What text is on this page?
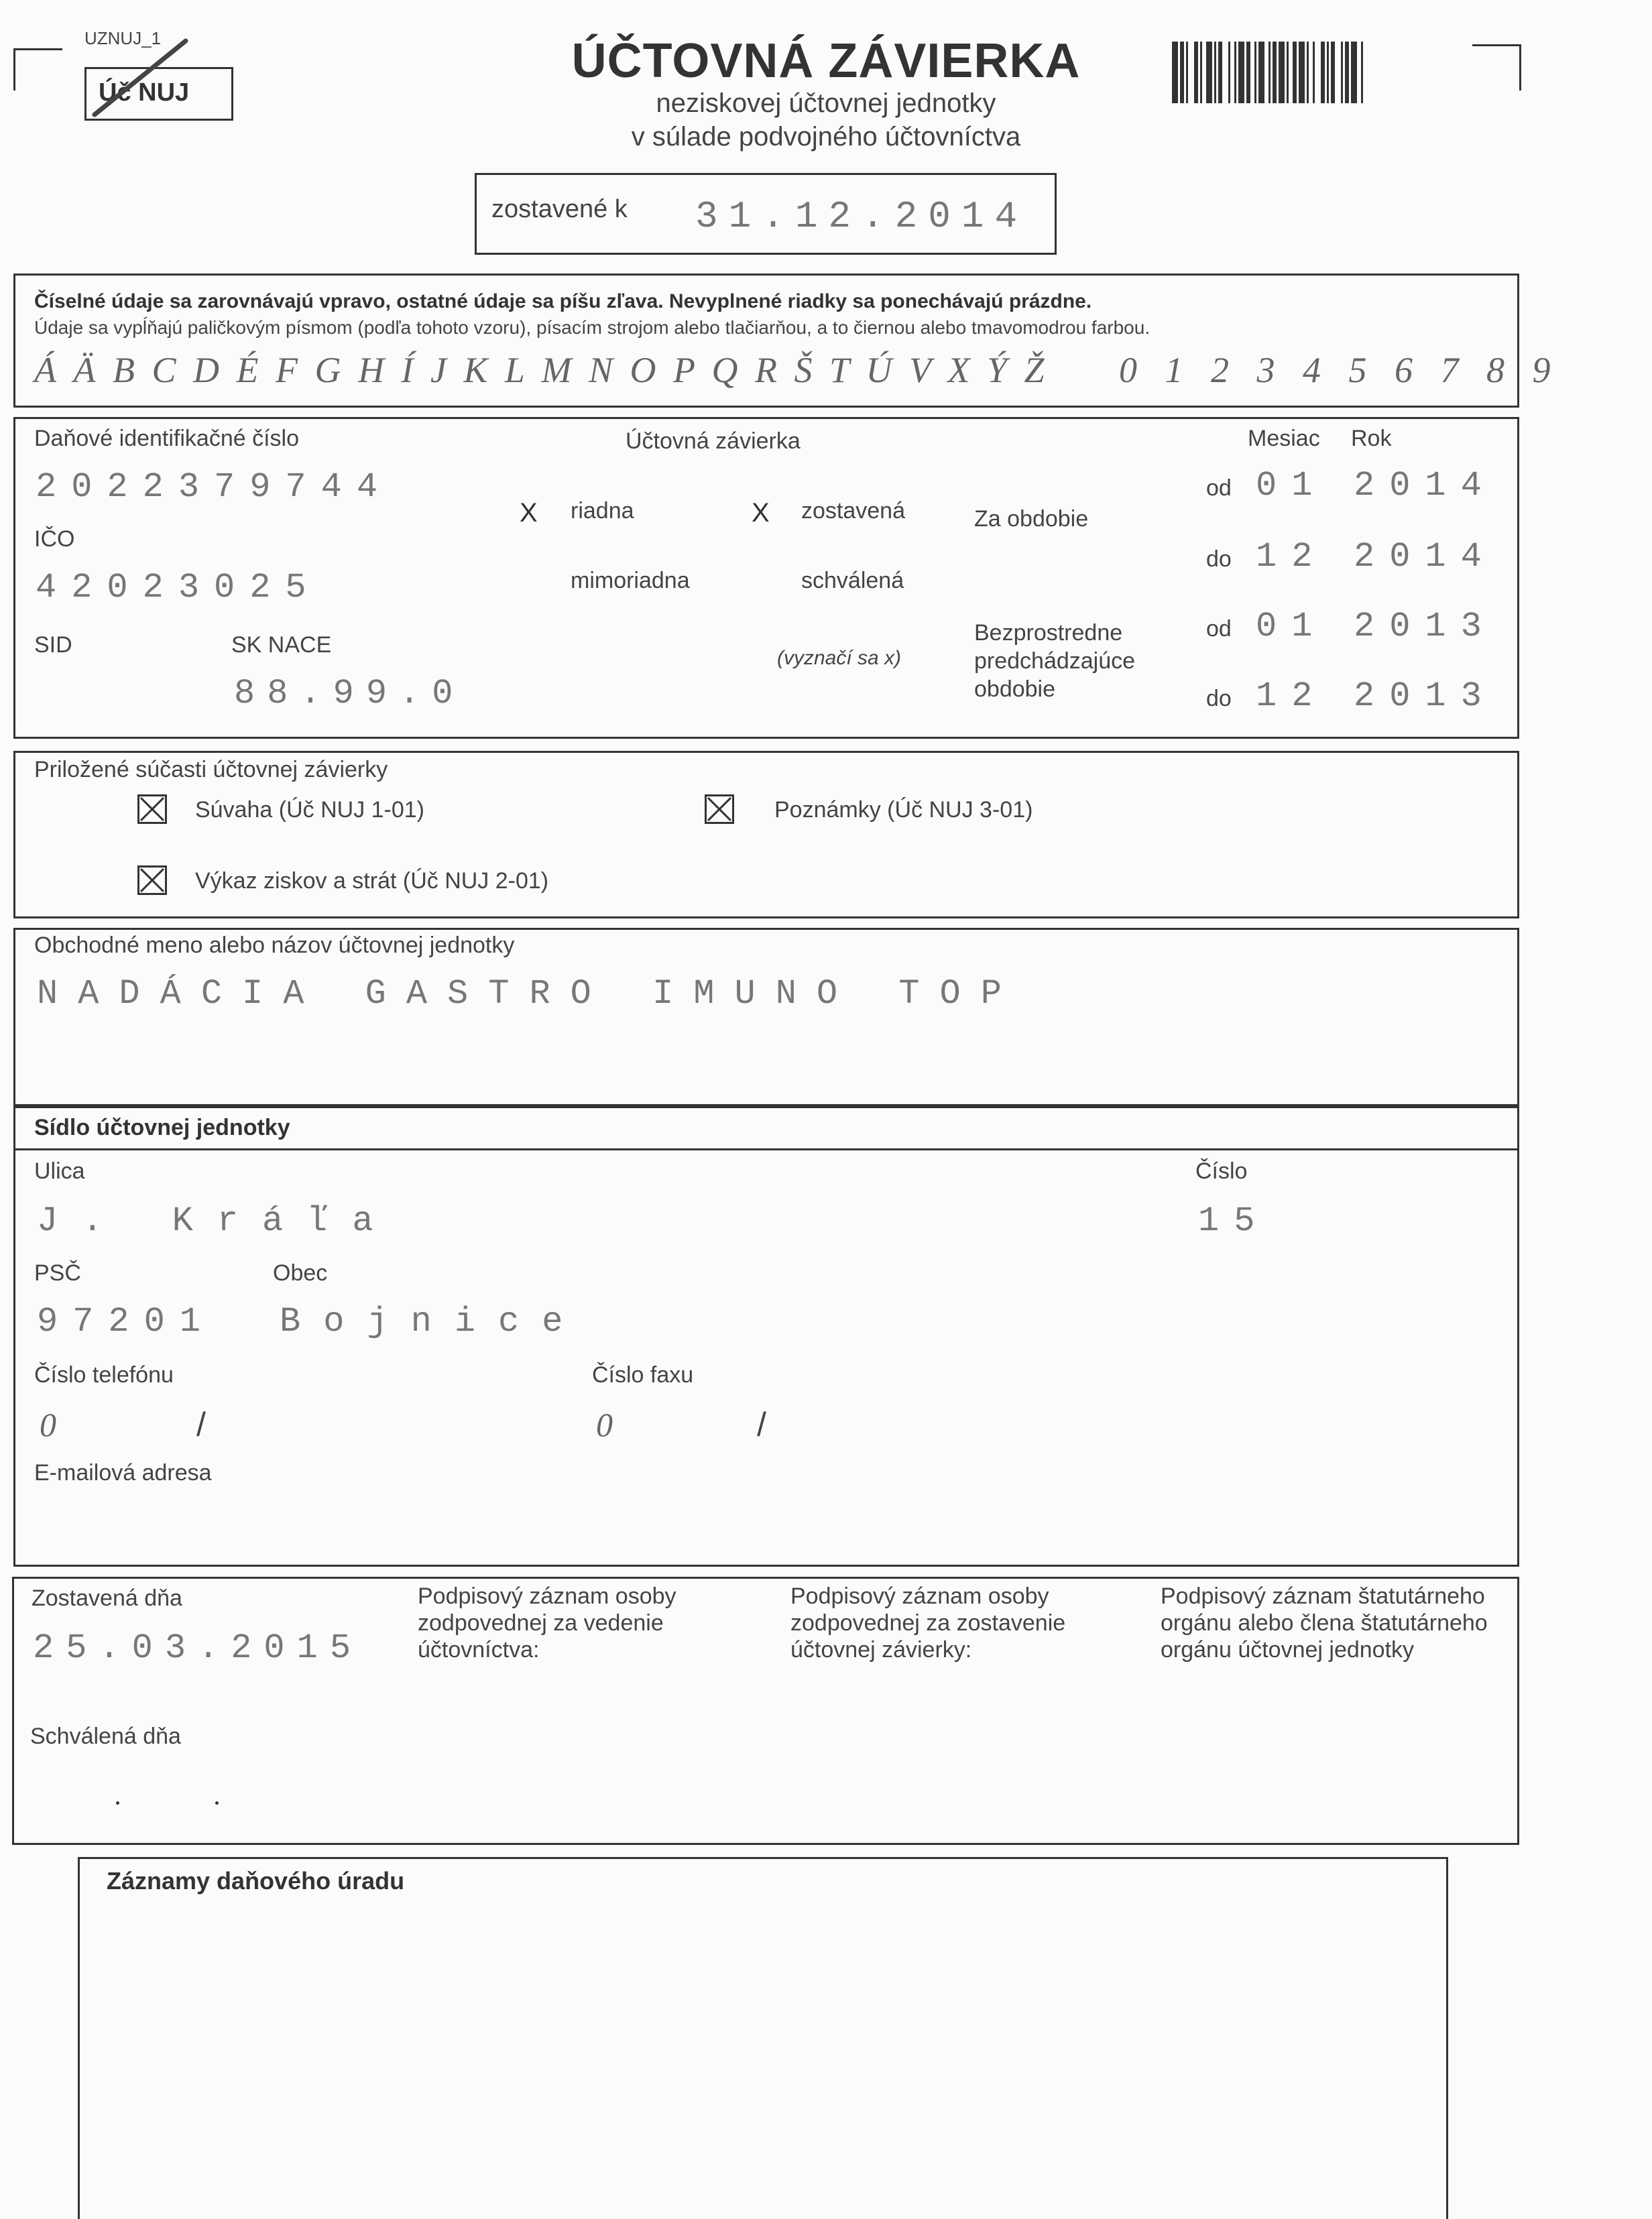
UZNUJ_1
Úč NUJ
ÚČTOVNÁ ZÁVIERKA
neziskovej účtovnej jednotky
v súlade podvojného účtovníctva
zostavené k 31.12.2014
Číselné údaje sa zarovnávajú vpravo, ostatné údaje sa píšu zľava. Nevyplnené riadky sa ponechávajú prázdne.
Údaje sa vypĺňajú paličkovým písmom (podľa tohoto vzoru), písacím strojom alebo tlačiarňou, a to čiernou alebo tmavomodrou farbou.
Á Ä B C D É F G H Í J K L M N O P Q R Š T Ú V X Ý Ž 0 1 2 3 4 5 6 7 8 9
Daňové identifikačné číslo
2022379744
IČO
42023025
SID	SK NACE
88.99.0
Účtovná závierka
X riadna	X zostavená
mimoriadna	schválená
(vyznačí sa x)
Za obdobie
Bezprostredne predchádzajúce obdobie
Mesiac Rok
od 01 2014
do 12 2014
od 01 2013
do 12 2013
Priložené súčasti účtovnej závierky
Súvaha (Úč NUJ 1-01)	Poznámky (Úč NUJ 3-01)
Výkaz ziskov a strát (Úč NUJ 2-01)
Obchodné meno alebo názov účtovnej jednotky
NADÁCIA GASTRO IMUNO TOP
Sídlo účtovnej jednotky
Ulica
J. Kráľa
Číslo
15
PSČ
97201
Obec
Bojnice
Číslo telefónu
0	/
Číslo faxu
0	/
E-mailová adresa
Zostavená dňa
25.03.2015
Schválená dňa
Podpisový záznam osoby zodpovednej za vedenie účtovníctva:
Podpisový záznam osoby zodpovednej za zostavenie účtovnej závierky:
Podpisový záznam štatutárneho orgánu alebo člena štatutárneho orgánu účtovnej jednotky
Záznamy daňového úradu
